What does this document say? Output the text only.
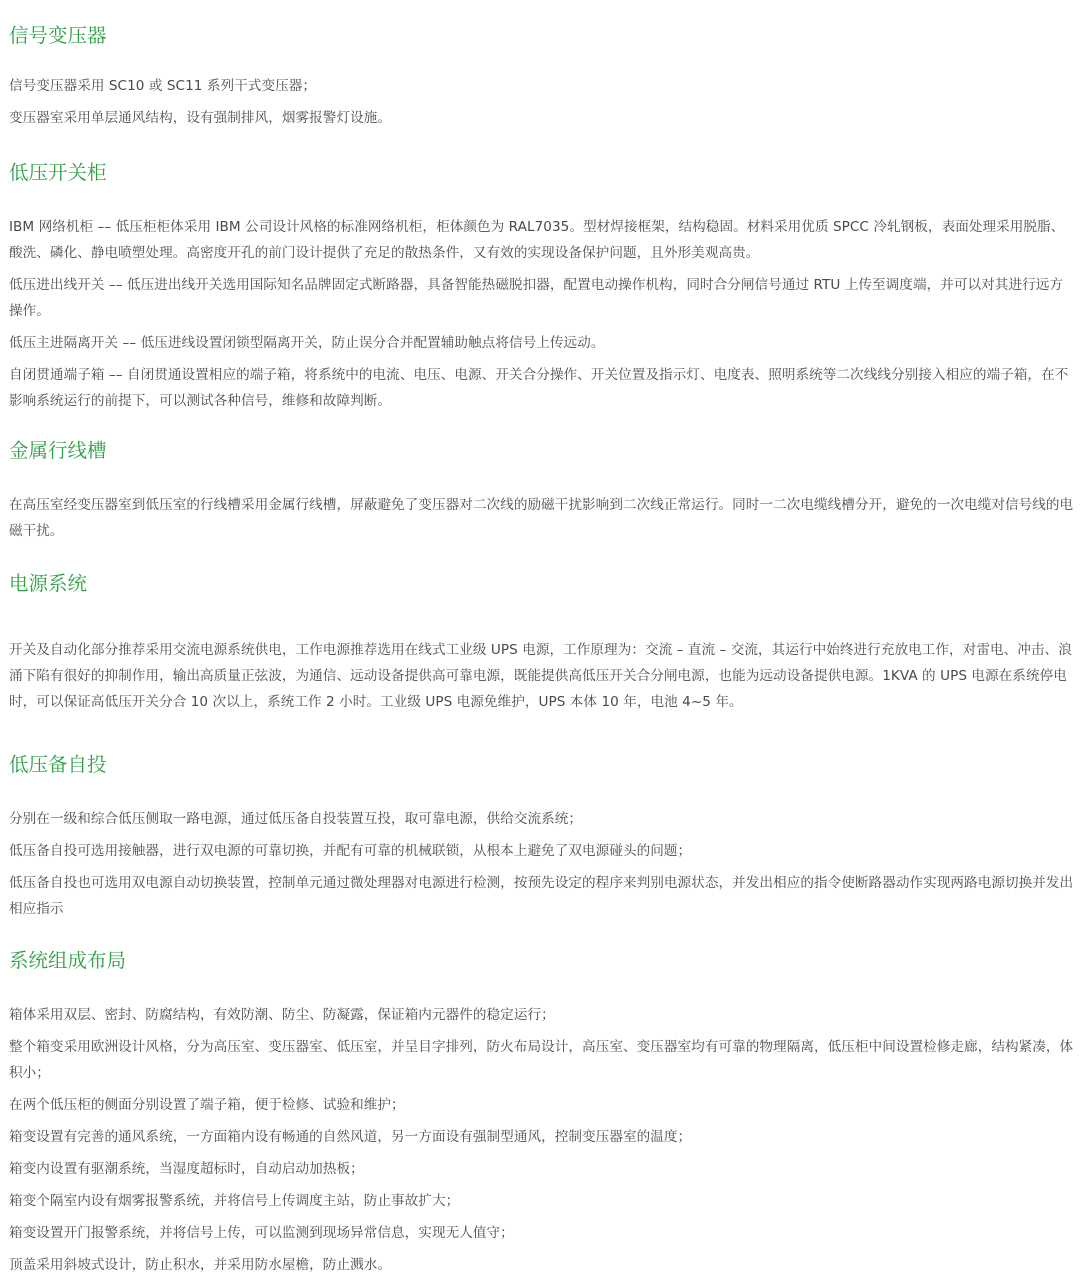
信号变压器

信号变压器采用 SC10 或 SC11 系列干式变压器；

变压器室采用单层通风结构，设有强制排风，烟雾报警灯设施。

低压开关柜

IBM 网络机柜 –– 低压柜柜体采用 IBM 公司设计风格的标准网络机柜，柜体颜色为 RAL7035。型材焊接框架，结构稳固。材料采用优质 SPCC 冷轧钢板，表面处理采用脱脂、酸洗、磷化、静电喷塑处理。高密度开孔的前门设计提供了充足的散热条件，又有效的实现设备保护问题，且外形美观高贵。

低压进出线开关 –– 低压进出线开关选用国际知名品牌固定式断路器，具备智能热磁脱扣器，配置电动操作机构，同时合分闸信号通过 RTU 上传至调度端，并可以对其进行远方操作。

低压主进隔离开关 –– 低压进线设置闭锁型隔离开关，防止误分合并配置辅助触点将信号上传远动。

自闭贯通端子箱 –– 自闭贯通设置相应的端子箱，将系统中的电流、电压、电源、开关合分操作、开关位置及指示灯、电度表、照明系统等二次线线分别接入相应的端子箱，在不影响系统运行的前提下，可以测试各种信号，维修和故障判断。

金属行线槽

在高压室经变压器室到低压室的行线槽采用金属行线槽，屏蔽避免了变压器对二次线的励磁干扰影响到二次线正常运行。同时一二次电缆线槽分开，避免的一次电缆对信号线的电磁干扰。

电源系统

开关及自动化部分推荐采用交流电源系统供电，工作电源推荐选用在线式工业级 UPS 电源，工作原理为：交流 – 直流 – 交流，其运行中始终进行充放电工作，对雷电、冲击、浪涌下陷有很好的抑制作用，输出高质量正弦波，为通信、远动设备提供高可靠电源，既能提供高低压开关合分闸电源，也能为远动设备提供电源。1KVA 的 UPS 电源在系统停电时，可以保证高低压开关分合 10 次以上，系统工作 2 小时。工业级 UPS 电源免维护，UPS 本体 10 年，电池 4~5 年。

低压备自投

分别在一级和综合低压侧取一路电源，通过低压备自投装置互投，取可靠电源，供给交流系统；

低压备自投可选用接触器，进行双电源的可靠切换，并配有可靠的机械联锁，从根本上避免了双电源碰头的问题；

低压备自投也可选用双电源自动切换装置，控制单元通过微处理器对电源进行检测，按预先设定的程序来判别电源状态，并发出相应的指令使断路器动作实现两路电源切换并发出相应指示

系统组成布局

箱体采用双层、密封、防腐结构，有效防潮、防尘、防凝露，保证箱内元器件的稳定运行；

整个箱变采用欧洲设计风格，分为高压室、变压器室、低压室，并呈目字排列，防火布局设计，高压室、变压器室均有可靠的物理隔离，低压柜中间设置检修走廊，结构紧凑，体积小；

在两个低压柜的侧面分别设置了端子箱，便于检修、试验和维护；

箱变设置有完善的通风系统，一方面箱内设有畅通的自然风道，另一方面设有强制型通风，控制变压器室的温度；

箱变内设置有驱潮系统，当湿度超标时，自动启动加热板；

箱变个隔室内设有烟雾报警系统，并将信号上传调度主站，防止事故扩大；

箱变设置开门报警系统，并将信号上传，可以监测到现场异常信息，实现无人值守；

顶盖采用斜坡式设计，防止积水，并采用防水屋檐，防止溅水。
